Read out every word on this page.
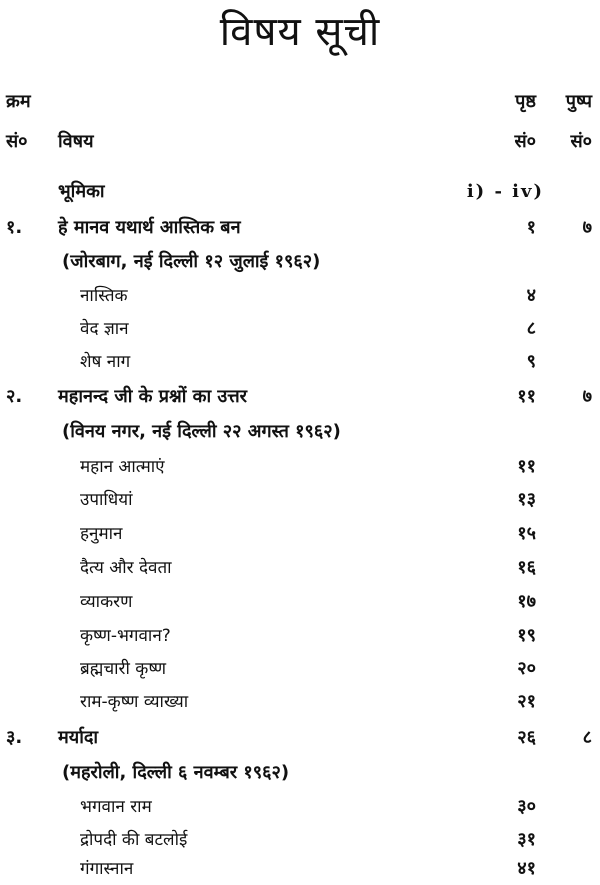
विषय सूची
क्रम	पृष्ठ पुष्प
सं० विषय	सं० सं०
भूमिका	i) - iv)
१. हे मानव यथार्थ आस्तिक बन	१	७
(जोरबाग, नई दिल्ली १२ जुलाई १९६२)
नास्तिक	४
वेद ज्ञान	८
शेष नाग	९
२. महानन्द जी के प्रश्नों का उत्तर	११	७
(विनय नगर, नई दिल्ली २२ अगस्त १९६२)
महान आत्माएं	११
उपाधियां	१३
हनुमान	१५
दैत्य और देवता	१६
व्याकरण	१७
कृष्ण-भगवान?	१९
ब्रह्मचारी कृष्ण	२०
राम-कृष्ण व्याख्या	२१
३. मर्यादा	२६	८
(महरोली, दिल्ली ६ नवम्बर १९६२)
भगवान राम	३०
द्रोपदी की बटलोई	३१
गंगास्नान	४१
